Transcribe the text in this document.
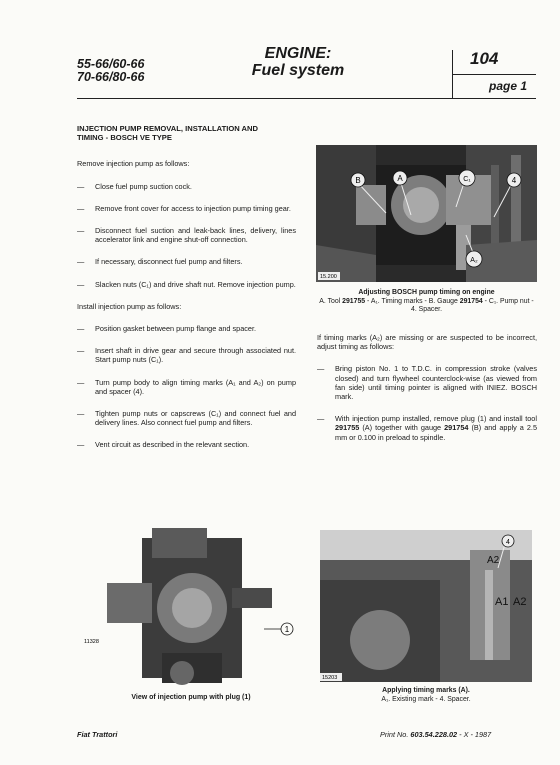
55-66/60-66
70-66/80-66
ENGINE:
Fuel system
104
page 1
INJECTION PUMP REMOVAL, INSTALLATION AND
TIMING - BOSCH VE TYPE

Remove injection pump as follows:

—	Close fuel pump suction cock.
—	Remove front cover for access to injection pump timing gear.
—	Disconnect fuel suction and leak-back lines, delivery, lines accelerator link and engine shut-off connection.
—	If necessary, disconnect fuel pump and filters.
—	Slacken nuts (C₁) and drive shaft nut. Remove injection pump.

Install injection pump as follows:

—	Position gasket between pump flange and spacer.
—	Insert shaft in drive gear and secure through associated nut. Start pump nuts (C₁).
—	Turn pump body to align timing marks (A₁ and A₂) on pump and spacer (4).
—	Tighten pump nuts or capscrews (C₁) and connect fuel and delivery lines. Also connect fuel pump and filters.
—	Vent circuit as described in the relevant section.
B	A	C₁	4
A₂
15.200
Adjusting BOSCH pump timing on engine
A. Tool 291755 - A₁. Timing marks - B. Gauge 291754 - C₁. Pump nut - 4. Spacer.

If timing marks (A₂) are missing or are suspected to be incorrect, adjust timing as follows:

—	Bring piston No. 1 to T.D.C. in compression stroke (valves closed) and turn flywheel counterclock-wise (as viewed from fan side) until timing pointer is aligned with INIEZ. BOSCH mark.
—	With injection pump installed, remove plug (1) and install tool 291755 (A) together with gauge 291754 (B) and apply a 2.5 mm or 0.100 in preload to spindle.
1
11328
View of injection pump with plug (1)
4
A2
A1 A2
15203
Applying timing marks (A).
A₁. Existing mark - 4. Spacer.
Fiat Trattori	Print No. 603.54.228.02 - X - 1987
